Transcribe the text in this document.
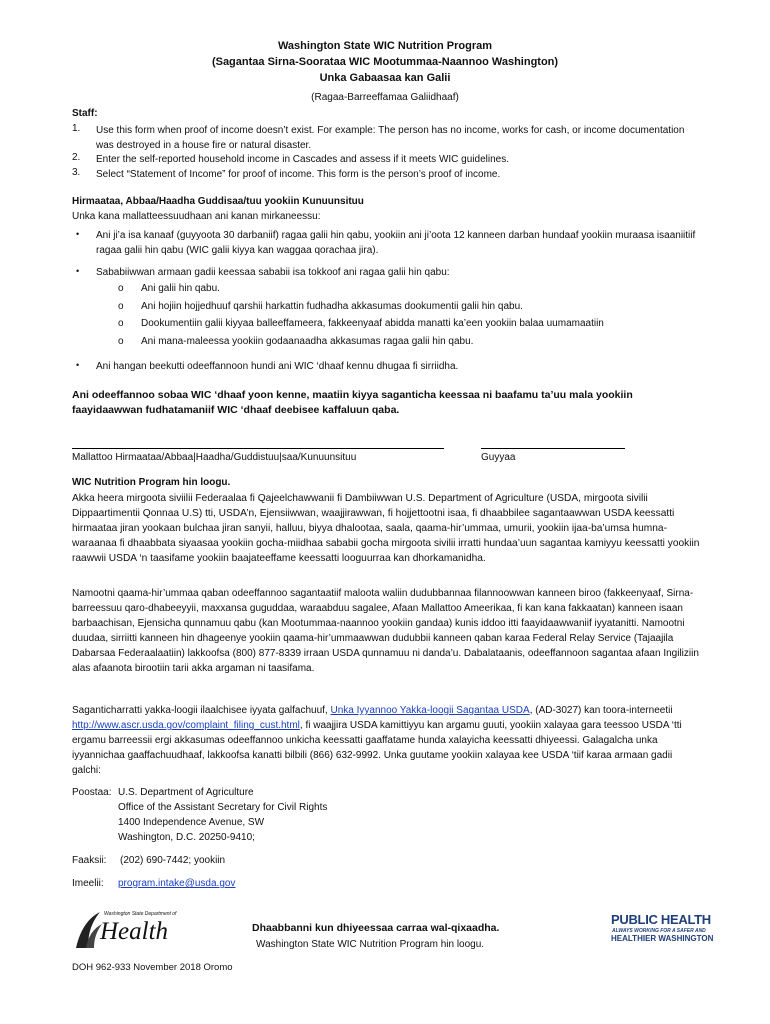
Washington State WIC Nutrition Program
(Sagantaa Sirna-Soorataa WIC Mootummaa-Naannoo Washington)
Unka Gabaasaa kan Galii
(Ragaa-Barreeffamaa Galiidhaaf)
Staff:
1. Use this form when proof of income doesn’t exist. For example: The person has no income, works for cash, or income documentation was destroyed in a house fire or natural disaster.
2. Enter the self-reported household income in Cascades and assess if it meets WIC guidelines.
3. Select “Statement of Income” for proof of income. This form is the person’s proof of income.
Hirmaataa, Abbaa/Haadha Guddisaa/tuu yookiin Kunuunsituu
Unka kana mallatteessuudhaan ani kanan mirkaneessu:
• Ani ji’a isa kanaaf (guyyoota 30 darbaniif) ragaa galii hin qabu, yookiin ani ji’oota 12 kanneen darban hundaaf yookiin muraasa isaaniitiif ragaa galii hin qabu (WIC galii kiyya kan waggaa qorachaa jira).
• Sababiiwwan armaan gadii keessaa sababii isa tokkoof ani ragaa galii hin qabu:
o Ani galii hin qabu.
o Ani hojiin hojjedhuuf qarshii harkattin fudhadha akkasumas dookumentii galii hin qabu.
o Dookumentiin galii kiyyaa balleeffameera, fakkeenyaaf abidda manatti ka’een yookiin balaa uumamaatiin
o Ani mana-maleessa yookiin godaanaadha akkasumas ragaa galii hin qabu.
• Ani hangan beekutti odeeffannoon hundi ani WIC ‘dhaaf kennu dhugaa fi sirriidha.
Ani odeeffannoo sobaa WIC ‘dhaaf yoon kenne, maatiin kiyya saganticha keessaa ni baafamu ta’uu mala yookiin faayidaawwan fudhatamaniif WIC ‘dhaaf deebisee kaffaluun qaba.
Mallattoo Hirmaataa/Abbaa|Haadha/Guddistuu|saa/Kunuunsituu	Guyyaa
WIC Nutrition Program hin loogu.
Akka heera mirgoota siviilii Federaalaa fi Qajeelchawwanii fi Dambiiwwan U.S. Department of Agriculture (USDA, mirgoota sivilii Dippaartimentii Qonnaa U.S) tti, USDA’n, Ejensiiwwan, waajjirawwan, fi hojjettootni isaa, fi dhaabbilee sagantaawwan USDA keessatti hirmaataa jiran yookaan bulchaa jiran sanyii, halluu, biyya dhalootaa, saala, qaama-hir’ummaa, umurii, yookiin ijaa-ba’umsa humna-waraanaa fi dhaabbata siyaasaa yookiin gocha-miidhaa sababii gocha mirgoota sivilii irratti hundaa’uun sagantaa kamiyyu keessatti yookiin raawwii USDA ‘n taasifame yookiin baajateeffame keessatti looguurraa kan dhorkamanidha.
Namootni qaama-hir’ummaa qaban odeeffannoo sagantaatiif maloota waliin dudubbannaa filannoowwan kanneen biroo (fakkeenyaaf, Sirna-barreessuu qaro-dhabeeyyii, maxxansa guguddaa, waraabduu sagalee, Afaan Mallattoo Ameerikaa, fi kan kana fakkaatan) kanneen isaan barbaachisan, Ejensicha qunnamuu qabu (kan Mootummaa-naannoo yookiin gandaa) kunis iddoo itti faayidaawwaniif iyyatanitti. Namootni duudaa, sirriitti kanneen hin dhageenye yookiin qaama-hir’ummaawwan dudubbii kanneen qaban karaa Federal Relay Service (Tajaajila Dabarsaa Federaalaatiin) lakkoofsa (800) 877-8339 irraan USDA qunnamuu ni danda’u. Dabalataanis, odeeffannoon sagantaa afaan Ingiliziin alas afaanota birootiin tarii akka argaman ni taasifama.
Saganticharratti yakka-loogii ilaalchisee iyyata galfachuuf, Unka Iyyannoo Yakka-loogii Sagantaa USDA, (AD-3027) kan toora-interneetii http://www.ascr.usda.gov/complaint_filing_cust.html, fi waajjira USDA kamittiyyu kan argamu guuti, yookiin xalayaa gara teessoo USDA ‘tti ergamu barreessii ergi akkasumas odeeffannoo unkicha keessatti gaaffatame hunda xalayicha keessatti dhiyeessi. Galagalcha unka iyyannichaa gaaffachuudhaaf, lakkoofsa kanatti bilbili (866) 632-9992. Unka guutame yookiin xalayaa kee USDA ‘tiif karaa armaan gadii galchi:
Poostaa: U.S. Department of Agriculture
Office of the Assistant Secretary for Civil Rights
1400 Independence Avenue, SW
Washington, D.C. 20250-9410;
Faaksii: (202) 690-7442; yookiin
Imeelii: program.intake@usda.gov
Washington State Department of
Health	Dhaabbanni kun dhiyeessaa carraa wal-qixaadha.
Washington State WIC Nutrition Program hin loogu.
PUBLIC HEALTH
ALWAYS WORKING FOR A SAFER AND
HEALTHIER WASHINGTON
DOH 962-933 November 2018 Oromo
